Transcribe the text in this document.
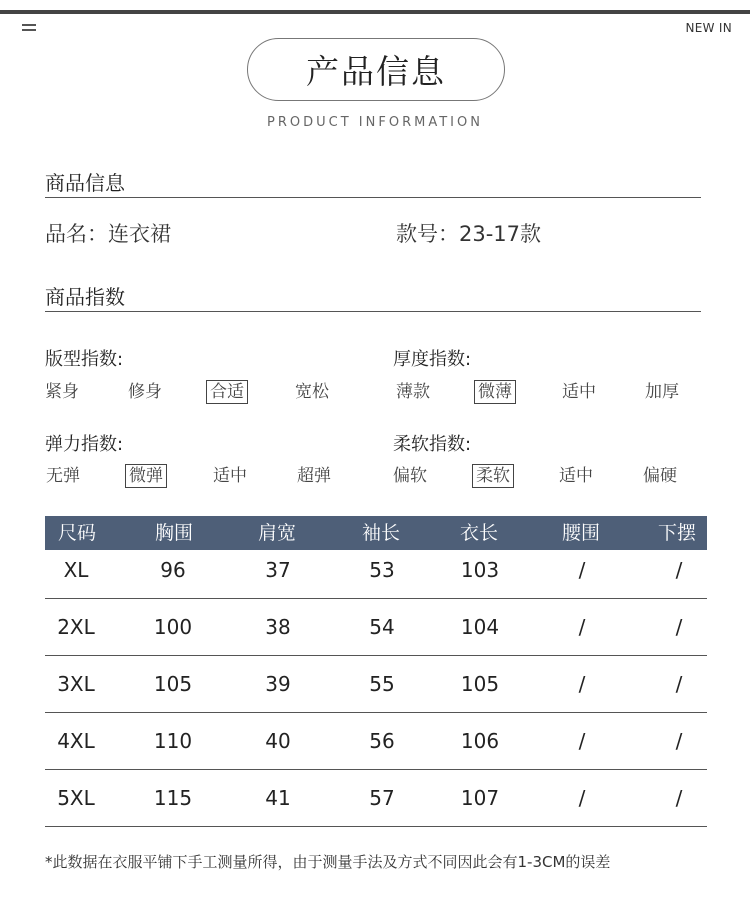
NEW IN
产品信息
PRODUCT INFORMATION
商品信息
品名：连衣裙	款号：23-17款
商品指数
版型指数:	厚度指数:
弹力指数:	柔软指数:
紧身	修身	合适	宽松	薄款	微薄	适中	加厚
无弹	微弹	适中	超弹	偏软	柔软	适中	偏硬
尺码	胸围	肩宽	袖长	衣长	腰围	下摆
XL	96	37	53	103	/	/
2XL	100	38	54	104	/	/
3XL	105	39	55	105	/	/
4XL	110	40	56	106	/	/
5XL	115	41	57	107	/	/
*此数据在衣服平铺下手工测量所得，由于测量手法及方式不同因此会有1-3CM的误差
